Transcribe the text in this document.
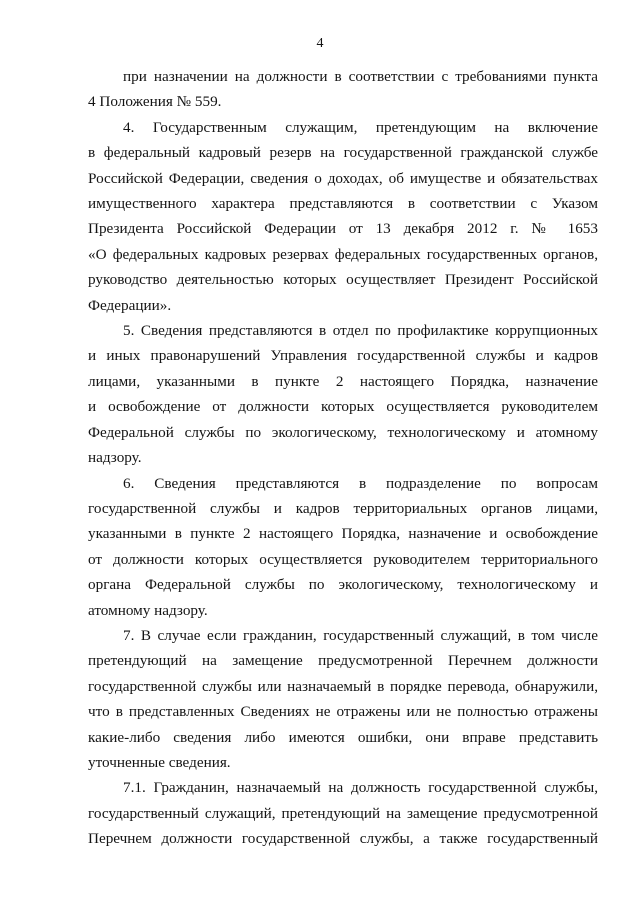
4
при назначении на должности в соответствии с требованиями пункта
4 Положения № 559.
4. Государственным служащим, претендующим на включение
в федеральный кадровый резерв на государственной гражданской службе
Российской Федерации, сведения о доходах, об имуществе и обязательствах
имущественного характера представляются в соответствии с Указом
Президента Российской Федерации от 13 декабря 2012 г. № 1653
«О федеральных кадровых резервах федеральных государственных органов,
руководство деятельностью которых осуществляет Президент Российской
Федерации».
5. Сведения представляются в отдел по профилактике коррупционных
и иных правонарушений Управления государственной службы и кадров
лицами, указанными в пункте 2 настоящего Порядка, назначение
и освобождение от должности которых осуществляется руководителем
Федеральной службы по экологическому, технологическому и атомному
надзору.
6. Сведения представляются в подразделение по вопросам
государственной службы и кадров территориальных органов лицами,
указанными в пункте 2 настоящего Порядка, назначение и освобождение
от должности которых осуществляется руководителем территориального
органа Федеральной службы по экологическому, технологическому и
атомному надзору.
7. В случае если гражданин, государственный служащий, в том числе
претендующий на замещение предусмотренной Перечнем должности
государственной службы или назначаемый в порядке перевода, обнаружили,
что в представленных Сведениях не отражены или не полностью отражены
какие-либо сведения либо имеются ошибки, они вправе представить
уточненные сведения.
7.1. Гражданин, назначаемый на должность государственной службы,
государственный служащий, претендующий на замещение предусмотренной
Перечнем должности государственной службы, а также государственный
